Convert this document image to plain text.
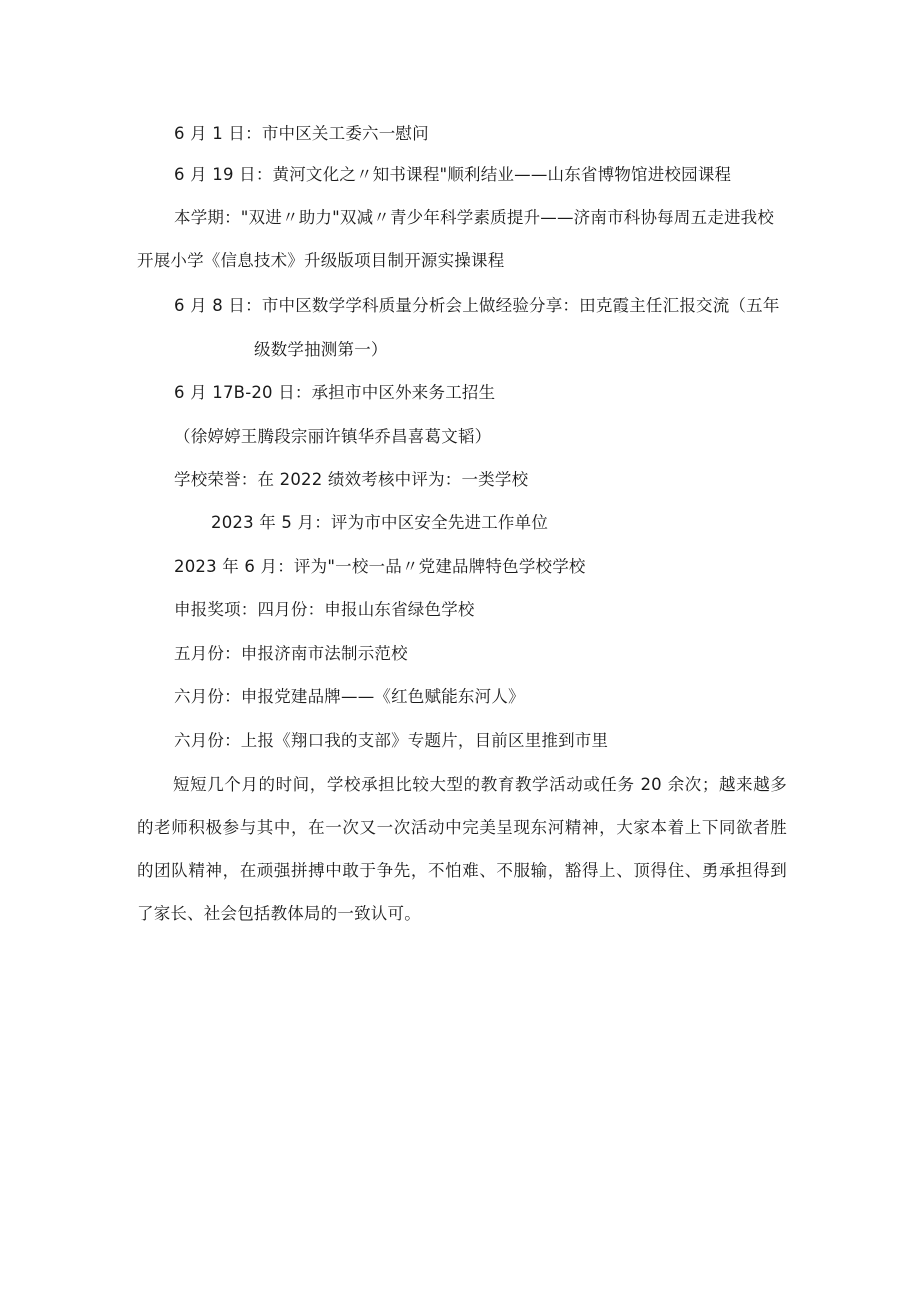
6 月 1 日：市中区关工委六一慰问
6 月 19 日：黄河文化之〃知书课程"顺利结业——山东省博物馆进校园课程
本学期："双进〃助力"双减〃青少年科学素质提升——济南市科协每周五走进我校
开展小学《信息技术》升级版项目制开源实操课程
6 月 8 日：市中区数学学科质量分析会上做经验分享：田克霞主任汇报交流（五年
级数学抽测第一）
6 月 17B-20 日：承担市中区外来务工招生
（徐婷婷王腾段宗丽许镇华乔昌喜葛文韬）
学校荣誉：在 2022 绩效考核中评为：一类学校
2023 年 5 月：评为市中区安全先进工作单位
2023 年 6 月：评为"一校一品〃党建品牌特色学校学校
申报奖项：四月份：申报山东省绿色学校
五月份：申报济南市法制示范校
六月份：申报党建品牌——《红色赋能东河人》
六月份：上报《翔口我的支部》专题片，目前区里推到市里
短短几个月的时间，学校承担比较大型的教育教学活动或任务 20 余次；越来越多的老师积极参与其中，在一次又一次活动中完美呈现东河精神，大家本着上下同欲者胜的团队精神，在顽强拼搏中敢于争先，不怕难、不服输，豁得上、顶得住、勇承担得到了家长、社会包括教体局的一致认可。
